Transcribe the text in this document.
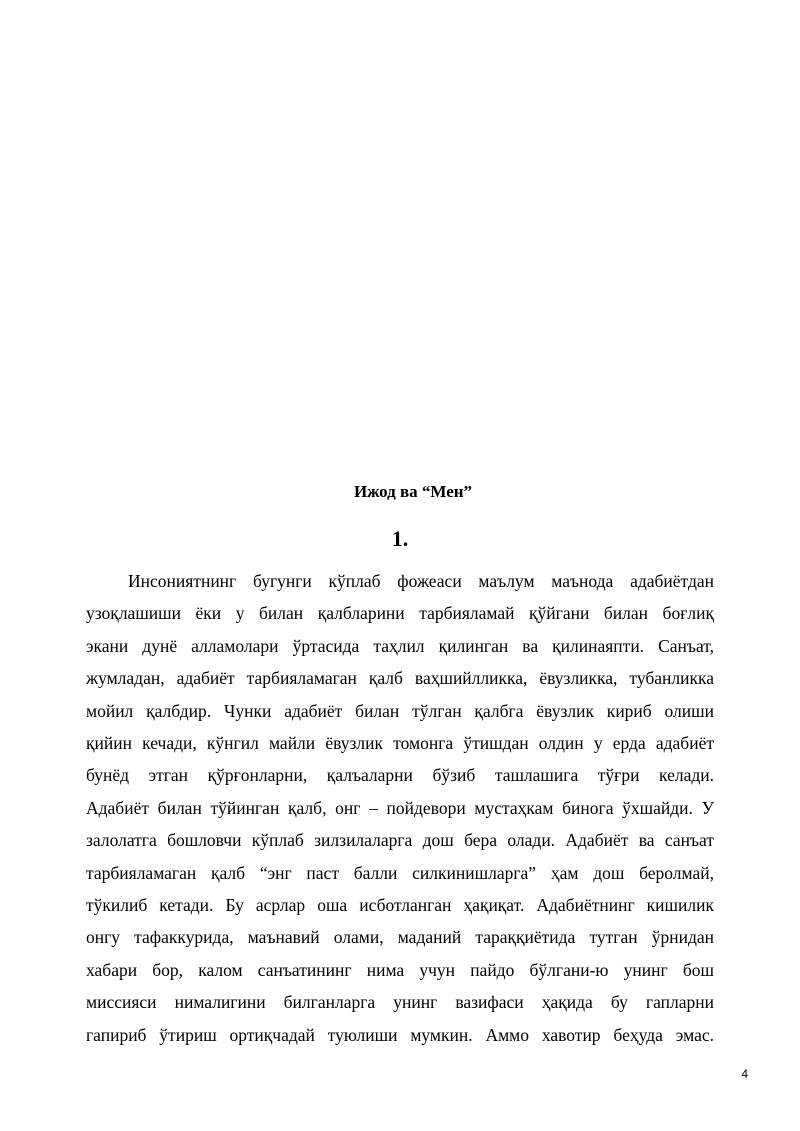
Ижод ва “Мен”
1.

Инсониятнинг бугунги кўплаб фожеаси маълум маънода адабиётдан
узоқлашиши ёки у билан қалбларини тарбияламай қўйгани билан боғлиқ
экани дунё алламолари ўртасида таҳлил қилинган ва қилинаяпти. Санъат,
жумладан, адабиёт тарбияламаган қалб ваҳшийлликка, ёвузликка, тубанликка
мойил қалбдир. Чунки адабиёт билан тўлган қалбга ёвузлик кириб олиши
қийин кечади, кўнгил майли ёвузлик томонга ўтишдан олдин у ерда адабиёт
бунёд этган қўрғонларни, қалъаларни бўзиб ташлашига тўғри келади.
Адабиёт билан тўйинган қалб, онг – пойдевори мустаҳкам бинога ўхшайди. У
залолатга бошловчи кўплаб зилзилаларга дош бера олади. Адабиёт ва санъат
тарбияламаган қалб “энг паст балли силкинишларга” ҳам дош беролмай,
тўкилиб кетади. Бу асрлар оша исботланган ҳақиқат. Адабиётнинг кишилик
онгу тафаккурида, маънавий олами, маданий тараққиётида тутган ўрнидан
хабари бор, калом санъатининг нима учун пайдо бўлгани-ю унинг бош
миссияси нималигини билганларга унинг вазифаси ҳақида бу гапларни
гапириб ўтириш ортиқчадай туюлиши мумкин. Аммо хавотир беҳуда эмас.

4
